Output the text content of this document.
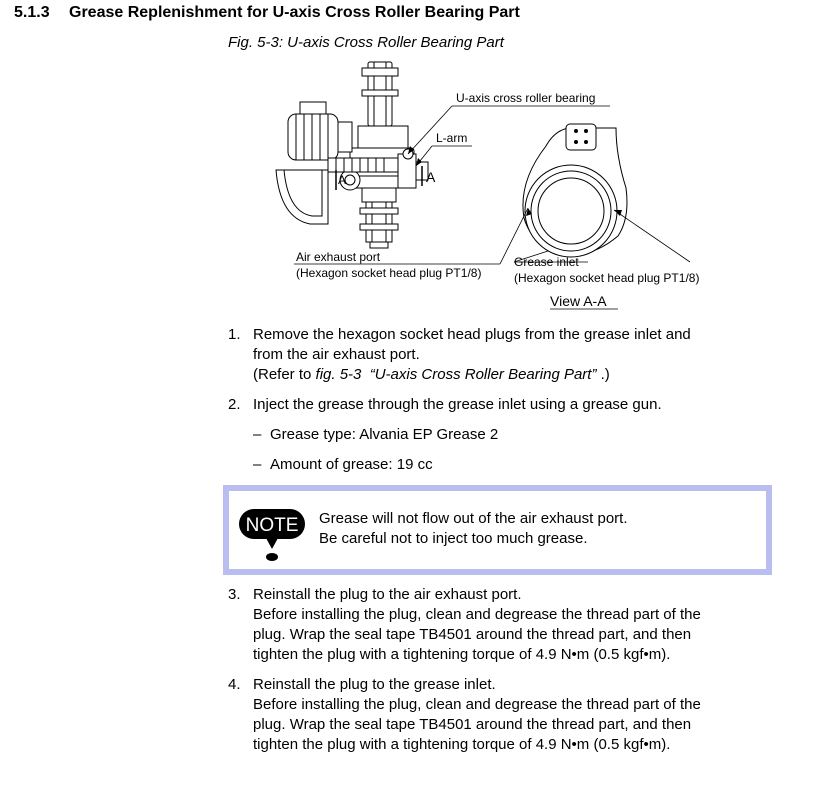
5.1.3 Grease Replenishment for U-axis Cross Roller Bearing Part
Fig. 5-3: U-axis Cross Roller Bearing Part
A	A
U-axis cross roller bearing
L-arm
Air exhaust port
(Hexagon socket head plug PT1/8)
Grease inlet
(Hexagon socket head plug PT1/8)
View A-A
1. Remove the hexagon socket head plugs from the grease inlet and
from the air exhaust port.
(Refer to fig. 5-3 “U-axis Cross Roller Bearing Part” .)
2. Inject the grease through the grease inlet using a grease gun.
– Grease type: Alvania EP Grease 2
– Amount of grease: 19 cc
NOTE Grease will not flow out of the air exhaust port.
Be careful not to inject too much grease.
3. Reinstall the plug to the air exhaust port.
Before installing the plug, clean and degrease the thread part of the
plug. Wrap the seal tape TB4501 around the thread part, and then
tighten the plug with a tightening torque of 4.9 N•m (0.5 kgf•m).
4. Reinstall the plug to the grease inlet.
Before installing the plug, clean and degrease the thread part of the
plug. Wrap the seal tape TB4501 around the thread part, and then
tighten the plug with a tightening torque of 4.9 N•m (0.5 kgf•m).
